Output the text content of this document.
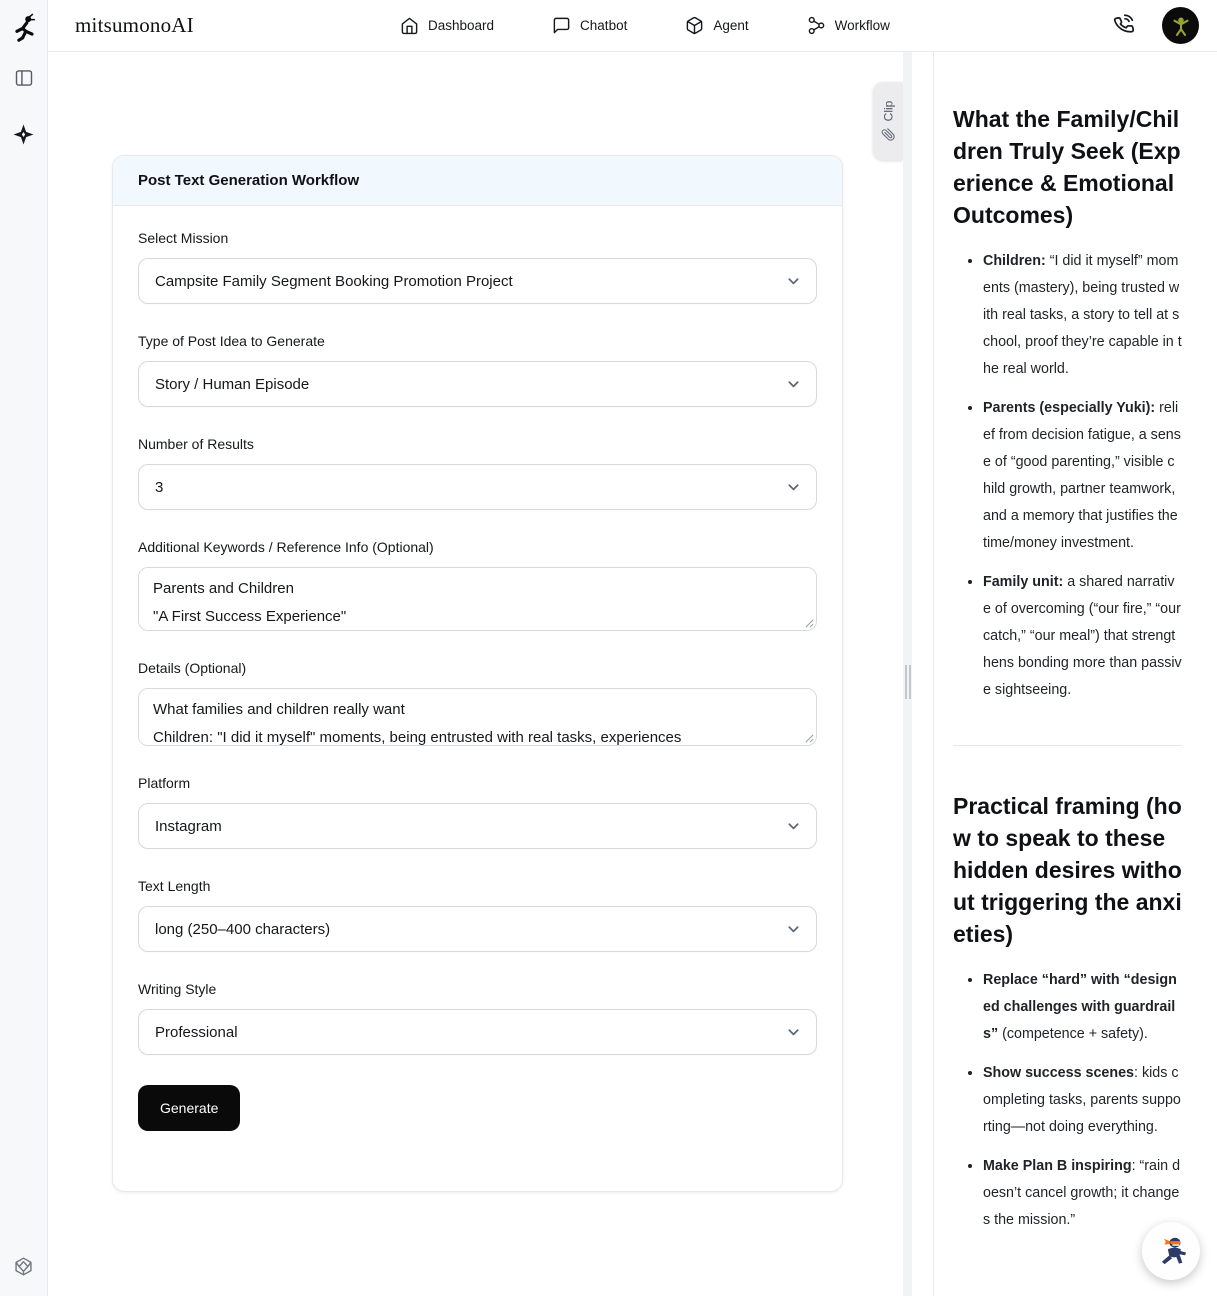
mitsumonoAI	Dashboard	Chatbot	Agent	Workflow
Post Text Generation Workflow
Select Mission
Campsite Family Segment Booking Promotion Project
Type of Post Idea to Generate
Story / Human Episode
Number of Results
3
Additional Keywords / Reference Info (Optional)
Parents and Children "A First Success Experience"
Details (Optional)
What families and children really want Children: "I did it myself" moments, being entrusted with real tasks, experiences
Platform
Instagram
Text Length
long (250–400 characters)
Writing Style
Professional
Generate
Clip	What the Family/Children Truly Seek (Experience & Emotional Outcomes)
• Children: “I did it myself” moments (mastery), being trusted with real tasks, a story to tell at school, proof they’re capable in the real world.
• Parents (especially Yuki): relief from decision fatigue, a sense of “good parenting,” visible child growth, partner teamwork, and a memory that justifies the time/money investment.
• Family unit: a shared narrative of overcoming (“our fire,” “our catch,” “our meal”) that strengthens bonding more than passive sightseeing.
Practical framing (how to speak to these hidden desires without triggering the anxieties)
• Replace “hard” with “designed challenges with guardrails” (competence + safety).
• Show success scenes: kids completing tasks, parents supporting—not doing everything.
• Make Plan B inspiring: “rain doesn’t cancel growth; it changes the mission.”
